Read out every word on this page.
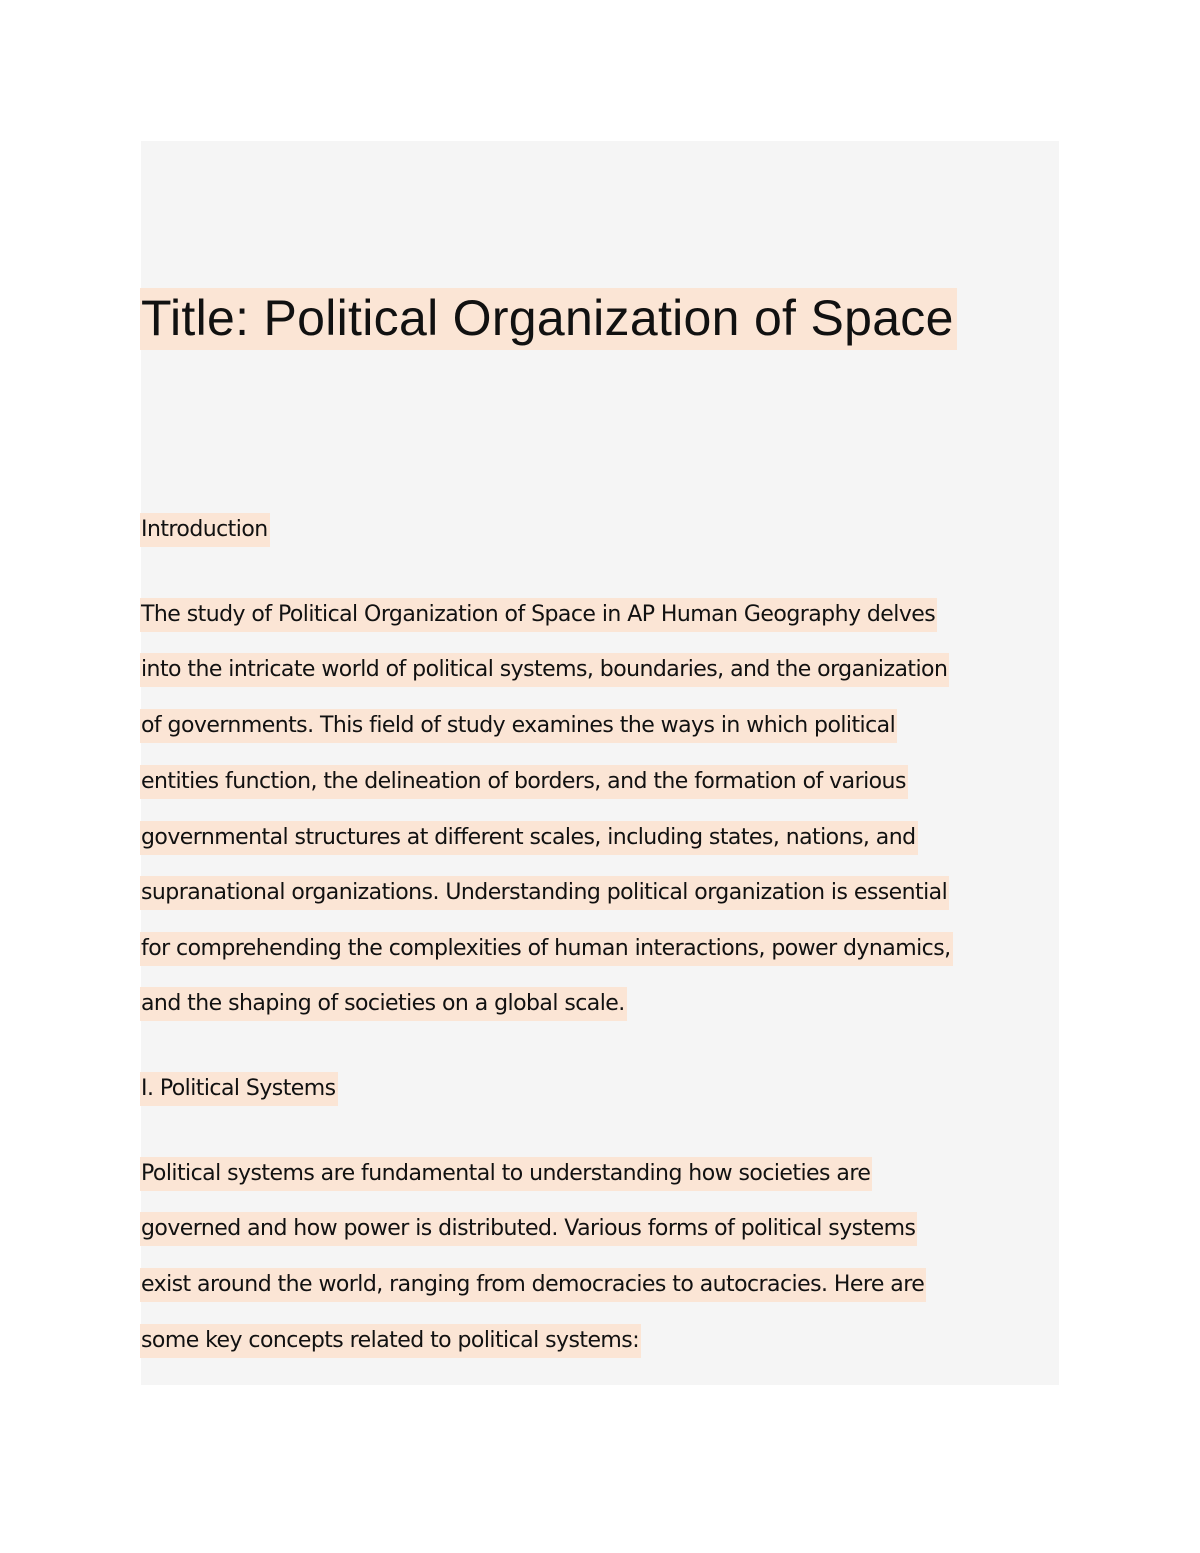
Title: Political Organization of Space
Introduction
The study of Political Organization of Space in AP Human Geography delves
into the intricate world of political systems, boundaries, and the organization
of governments. This field of study examines the ways in which political
entities function, the delineation of borders, and the formation of various
governmental structures at different scales, including states, nations, and
supranational organizations. Understanding political organization is essential
for comprehending the complexities of human interactions, power dynamics,
and the shaping of societies on a global scale.
I. Political Systems
Political systems are fundamental to understanding how societies are
governed and how power is distributed. Various forms of political systems
exist around the world, ranging from democracies to autocracies. Here are
some key concepts related to political systems:
